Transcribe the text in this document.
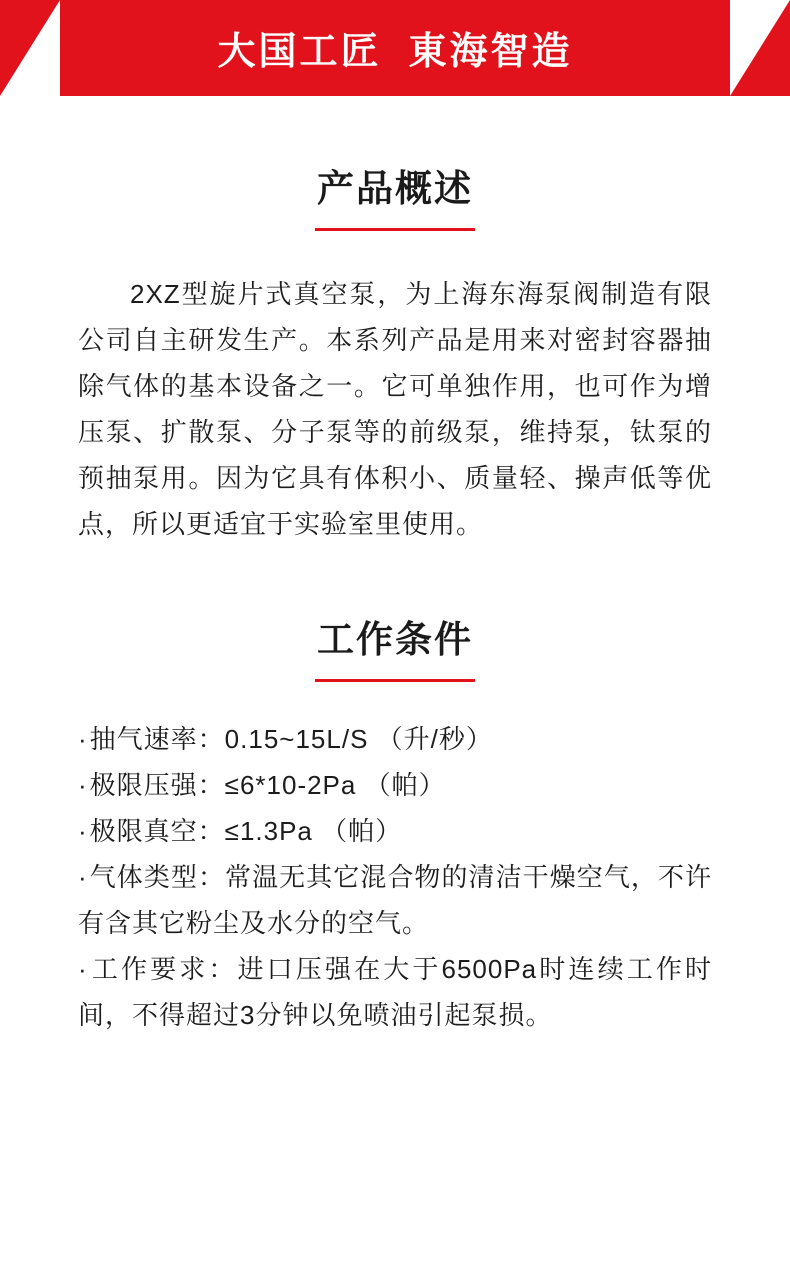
大国工匠  東海智造
产品概述

2XZ型旋片式真空泵，为上海东海泵阀制造有限公司自主研发生产。本系列产品是用来对密封容器抽除气体的基本设备之一。它可单独作用，也可作为增压泵、扩散泵、分子泵等的前级泵，维持泵，钛泵的预抽泵用。因为它具有体积小、质量轻、操声低等优点，所以更适宜于实验室里使用。

工作条件
·抽气速率：0.15~15L/S （升/秒）
·极限压强：≤6*10-2Pa （帕）
·极限真空：≤1.3Pa （帕）
·气体类型：常温无其它混合物的清洁干燥空气，不许有含其它粉尘及水分的空气。
·工作要求：进口压强在大于6500Pa时连续工作时间，不得超过3分钟以免喷油引起泵损。
